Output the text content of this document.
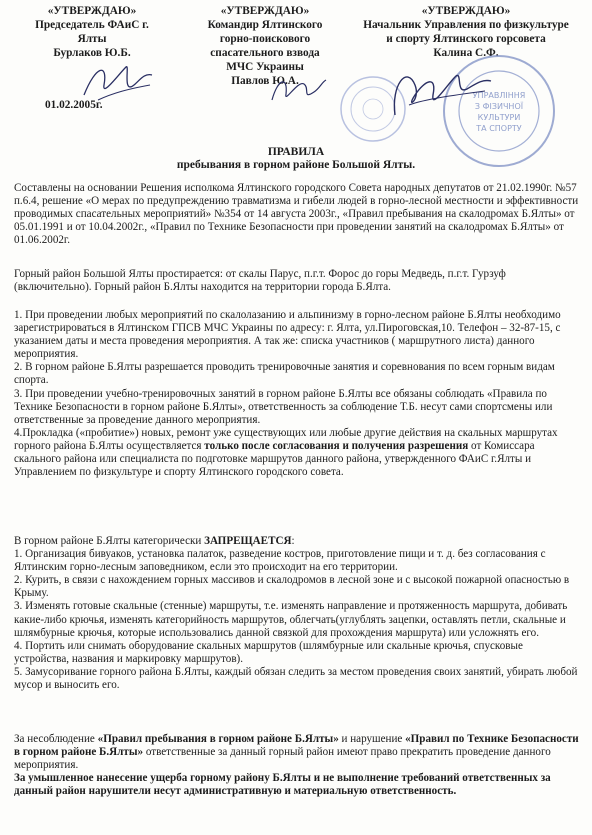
«УТВЕРЖДАЮ»
Председатель ФАиС г. Ялты
Бурлаков Ю.Б.
«УТВЕРЖДАЮ»
Командир Ялтинского
горно-поискового
спасательного взвода
МЧС Украины
Павлов Ю.А.
«УТВЕРЖДАЮ»
Начальник Управления по физкультуре
и спорту Ялтинского горсовета
Калина С.Ф.
01.02.2005г.
УПРАВЛІННЯ
З ФІЗИЧНОЇ
КУЛЬТУРИ
ТА СПОРТУ
ПРАВИЛА
пребывания в горном районе Большой Ялты.

Составлены на основании Решения исполкома Ялтинского городского Совета народных депутатов от 21.02.1990г. №57 п.6.4, решение «О мерах по предупреждению травматизма и гибели людей в горно-лесной местности и эффективности проводимых спасательных мероприятий» №354 от 14 августа 2003г., «Правил пребывания на скалодромах Б.Ялты» от 05.01.1991 и от 10.04.2002г., «Правил по Технике Безопасности при проведении занятий на скалодромах Б.Ялты» от 01.06.2002г.

Горный район Большой Ялты простирается: от скалы Парус, п.г.т. Форос до горы Медведь, п.г.т. Гурзуф (включительно). Горный район Б.Ялты находится на территории города Б.Ялта.

1. При проведении любых мероприятий по скалолазанию и альпинизму в горно-лесном районе Б.Ялты необходимо зарегистрироваться в Ялтинском ГПСВ МЧС Украины по адресу: г. Ялта, ул.Пироговская,10. Телефон – 32-87-15, с указанием даты и места проведения мероприятия. А так же: списка участников ( маршрутного листа) данного мероприятия.

2. В горном районе Б.Ялты разрешается проводить тренировочные занятия и соревнования по всем горным видам спорта.

3. При проведении учебно-тренировочных занятий в горном районе Б.Ялты все обязаны соблюдать «Правила по Технике Безопасности в горном районе Б.Ялты», ответственность за соблюдение Т.Б. несут сами спортсмены или ответственные за проведение данного мероприятия.

4.Прокладка («пробитие») новых, ремонт уже существующих или любые другие действия на скальных маршрутах горного района Б.Ялты осуществляется только после согласования и получения разрешения от Комиссара скального района или специалиста по подготовке маршрутов данного района, утвержденного ФАиС г.Ялты и Управлением по физкультуре и спорту Ялтинского городского совета.

В горном районе Б.Ялты категорически ЗАПРЕЩАЕТСЯ:

1. Организация бивуаков, установка палаток, разведение костров, приготовление пищи и т. д. без согласования с Ялтинским горно-лесным заповедником, если это происходит на его территории.

2. Курить, в связи с нахождением горных массивов и скалодромов в лесной зоне и с высокой пожарной опасностью в Крыму.

3. Изменять готовые скальные (стенные) маршруты, т.е. изменять направление и протяженность маршрута, добивать какие-либо крючья, изменять категорийность маршрутов, облегчать(углублять зацепки, оставлять петли, скальные и шлямбурные крючья, которые использовались данной связкой для прохождения маршрута) или усложнять его.

4. Портить или снимать оборудование скальных маршрутов (шлямбурные или скальные крючья, спусковые устройства, названия и маркировку маршрутов).

5. Замусоривание горного района Б.Ялты, каждый обязан следить за местом проведения своих занятий, убирать любой мусор и выносить его.

За несоблюдение «Правил пребывания в горном районе Б.Ялты» и нарушение «Правил по Технике Безопасности в горном районе Б.Ялты» ответственные за данный горный район имеют право прекратить проведение данного мероприятия.

За умышленное нанесение ущерба горному району Б.Ялты и не выполнение требований ответственных за данный район нарушители несут административную и материальную ответственность.
